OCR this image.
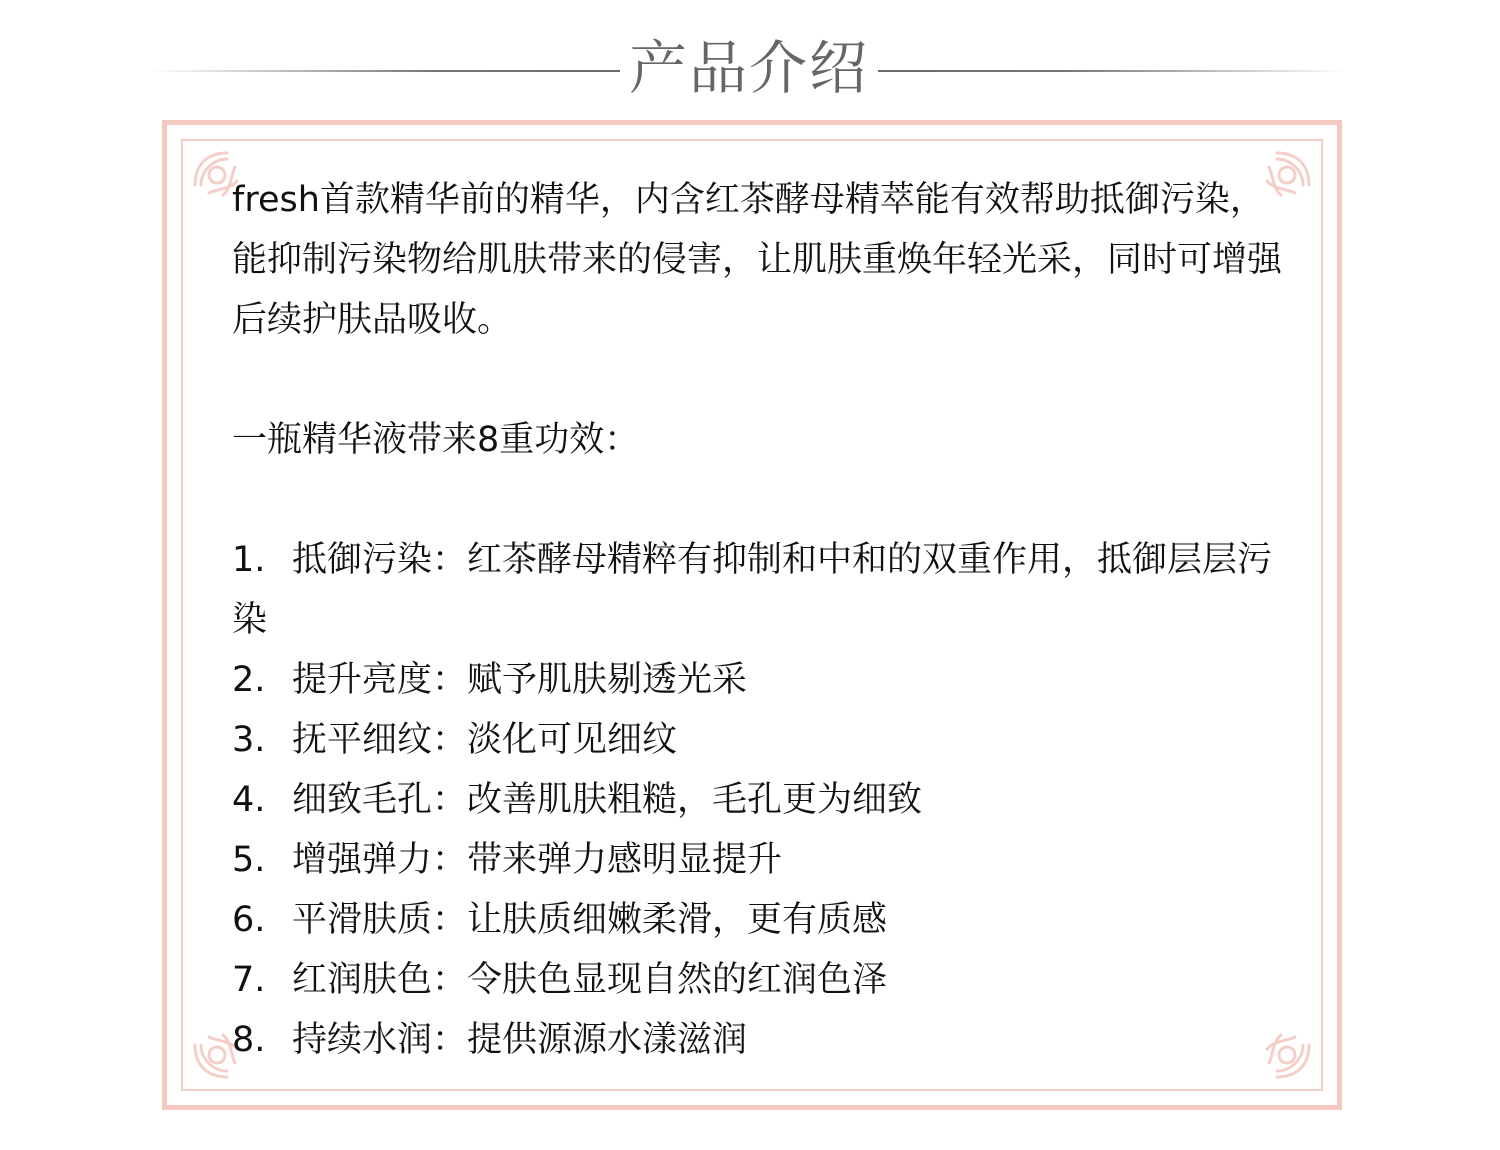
产品介绍

fresh首款精华前的精华，内含红茶酵母精萃能有效帮助抵御污染，能抑制污染物给肌肤带来的侵害，让肌肤重焕年轻光采，同时可增强后续护肤品吸收。

一瓶精华液带来8重功效：

1. 抵御污染：红茶酵母精粹有抑制和中和的双重作用，抵御层层污染
2. 提升亮度：赋予肌肤剔透光采
3. 抚平细纹：淡化可见细纹
4. 细致毛孔：改善肌肤粗糙，毛孔更为细致
5. 增强弹力：带来弹力感明显提升
6. 平滑肤质：让肤质细嫩柔滑，更有质感
7. 红润肤色：令肤色显现自然的红润色泽
8. 持续水润：提供源源水漾滋润
